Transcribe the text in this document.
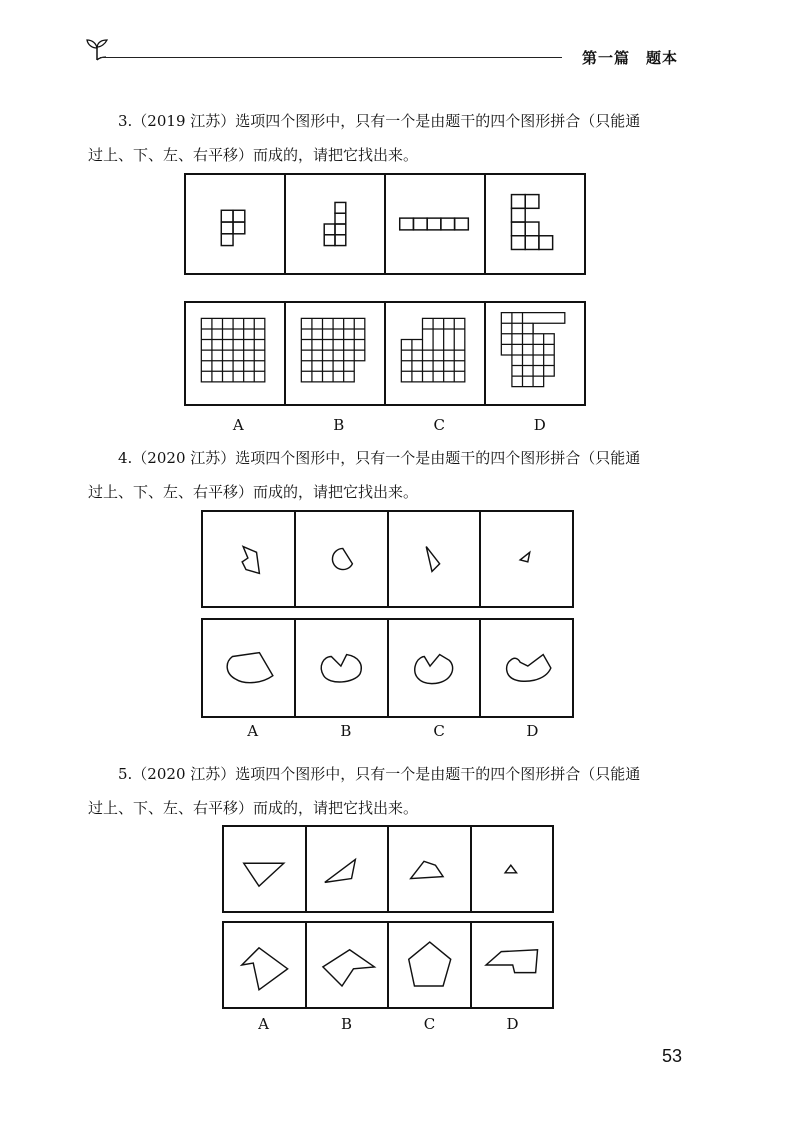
第一篇　题本

3.（2019 江苏）选项四个图形中，只有一个是由题干的四个图形拼合（只能通

过上、下、左、右平移）而成的，请把它找出来。

A	B	C	D

4.（2020 江苏）选项四个图形中，只有一个是由题干的四个图形拼合（只能通

过上、下、左、右平移）而成的，请把它找出来。

A	B	C	D

5.（2020 江苏）选项四个图形中，只有一个是由题干的四个图形拼合（只能通

过上、下、左、右平移）而成的，请把它找出来。

A	B	C	D
53
